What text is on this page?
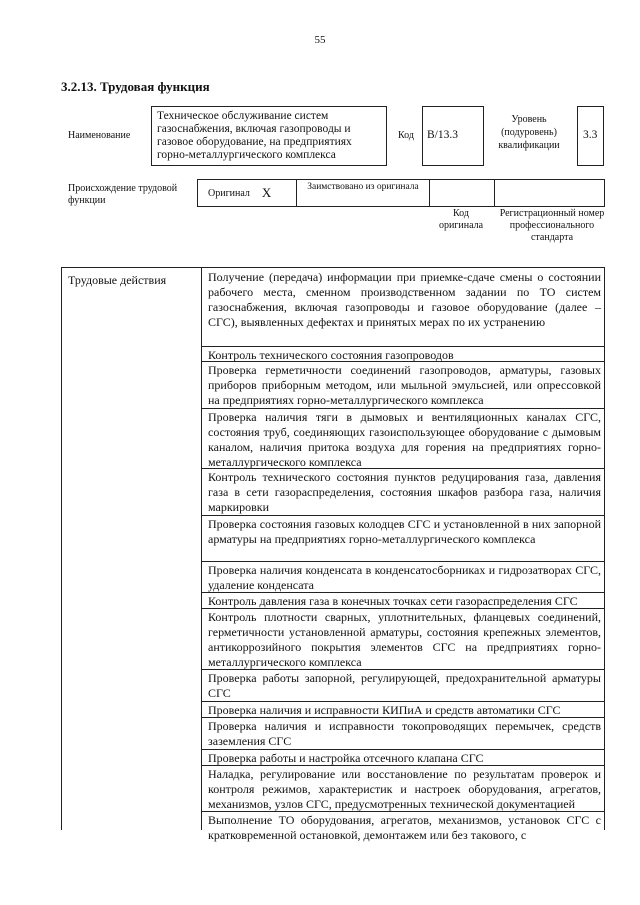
55
3.2.13. Трудовая функция
Наименование
Техническое обслуживание систем газоснабжения, включая газопроводы и газовое оборудование, на предприятиях горно-металлургического комплекса
Код	В/13.3
Уровень (подуровень) квалификации
3.3
Происхождение трудовой функции
Оригинал X	Заимствовано из оригинала
Код оригинала
Регистрационный номер профессионального стандарта
Трудовые действия	Получение (передача) информации при приемке-сдаче смены о состоянии рабочего места, сменном производственном задании по ТО систем газоснабжения, включая газопроводы и газовое оборудование (далее – СГС), выявленных дефектах и принятых мерах по их устранению
Контроль технического состояния газопроводов
Проверка герметичности соединений газопроводов, арматуры, газовых приборов приборным методом, или мыльной эмульсией, или опрессовкой на предприятиях горно-металлургического комплекса
Проверка наличия тяги в дымовых и вентиляционных каналах СГС, состояния труб, соединяющих газоиспользующее оборудование с дымовым каналом, наличия притока воздуха для горения на предприятиях горно-металлургического комплекса
Контроль технического состояния пунктов редуцирования газа, давления газа в сети газораспределения, состояния шкафов разбора газа, наличия маркировки
Проверка состояния газовых колодцев СГС и установленной в них запорной арматуры на предприятиях горно-металлургического комплекса
Проверка наличия конденсата в конденсатосборниках и гидрозатворах СГС, удаление конденсата
Контроль давления газа в конечных точках сети газораспределения СГС
Контроль плотности сварных, уплотнительных, фланцевых соединений, герметичности установленной арматуры, состояния крепежных элементов, антикоррозийного покрытия элементов СГС на предприятиях горно-металлургического комплекса
Проверка работы запорной, регулирующей, предохранительной арматуры СГС
Проверка наличия и исправности КИПиА и средств автоматики СГС
Проверка наличия и исправности токопроводящих перемычек, средств заземления СГС
Проверка работы и настройка отсечного клапана СГС
Наладка, регулирование или восстановление по результатам проверок и контроля режимов, характеристик и настроек оборудования, агрегатов, механизмов, узлов СГС, предусмотренных технической документацией
Выполнение ТО оборудования, агрегатов, механизмов, установок СГС с кратковременной остановкой, демонтажем или без такового, с
